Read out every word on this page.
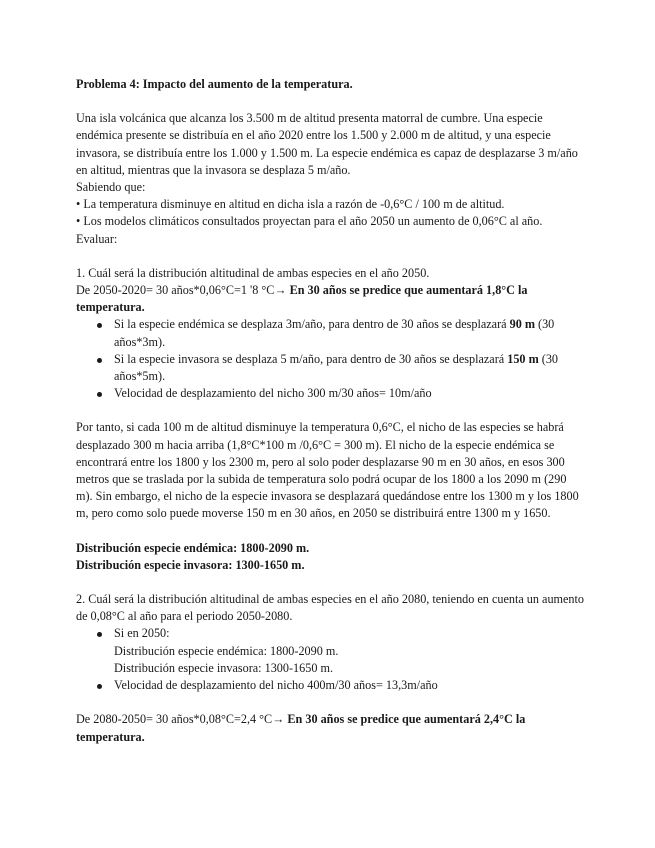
Problema 4: Impacto del aumento de la temperatura.

Una isla volcánica que alcanza los 3.500 m de altitud presenta matorral de cumbre. Una especie endémica presente se distribuía en el año 2020 entre los 1.500 y 2.000 m de altitud, y una especie invasora, se distribuía entre los 1.000 y 1.500 m. La especie endémica es capaz de desplazarse 3 m/año en altitud, mientras que la invasora se desplaza 5 m/año.

Sabiendo que:

• La temperatura disminuye en altitud en dicha isla a razón de -0,6°C / 100 m de altitud.

• Los modelos climáticos consultados proyectan para el año 2050 un aumento de 0,06°C al año.

Evaluar:

1. Cuál será la distribución altitudinal de ambas especies en el año 2050.

De 2050-2020= 30 años*0,06°C=1 '8 °C→ En 30 años se predice que aumentará 1,8°C la temperatura.

Si la especie endémica se desplaza 3m/año, para dentro de 30 años se desplazará 90 m (30 años*3m).
Si la especie invasora se desplaza 5 m/año, para dentro de 30 años se desplazará 150 m (30 años*5m).
Velocidad de desplazamiento del nicho 300 m/30 años= 10m/año

Por tanto, si cada 100 m de altitud disminuye la temperatura 0,6°C, el nicho de las especies se habrá desplazado 300 m hacia arriba (1,8°C*100 m /0,6°C = 300 m). El nicho de la especie endémica se encontrará entre los 1800 y los 2300 m, pero al solo poder desplazarse 90 m en 30 años, en esos 300 metros que se traslada por la subida de temperatura solo podrá ocupar de los 1800 a los 2090 m (290 m). Sin embargo, el nicho de la especie invasora se desplazará quedándose entre los 1300 m y los 1800 m, pero como solo puede moverse 150 m en 30 años, en 2050 se distribuirá entre 1300 m y 1650.

Distribución especie endémica: 1800-2090 m.

Distribución especie invasora: 1300-1650 m.

2. Cuál será la distribución altitudinal de ambas especies en el año 2080, teniendo en cuenta un aumento de 0,08°C al año para el periodo 2050-2080.

Si en 2050:
Distribución especie endémica: 1800-2090 m.
Distribución especie invasora: 1300-1650 m.
Velocidad de desplazamiento del nicho 400m/30 años= 13,3m/año

De 2080-2050= 30 años*0,08°C=2,4 °C→ En 30 años se predice que aumentará 2,4°C la temperatura.
